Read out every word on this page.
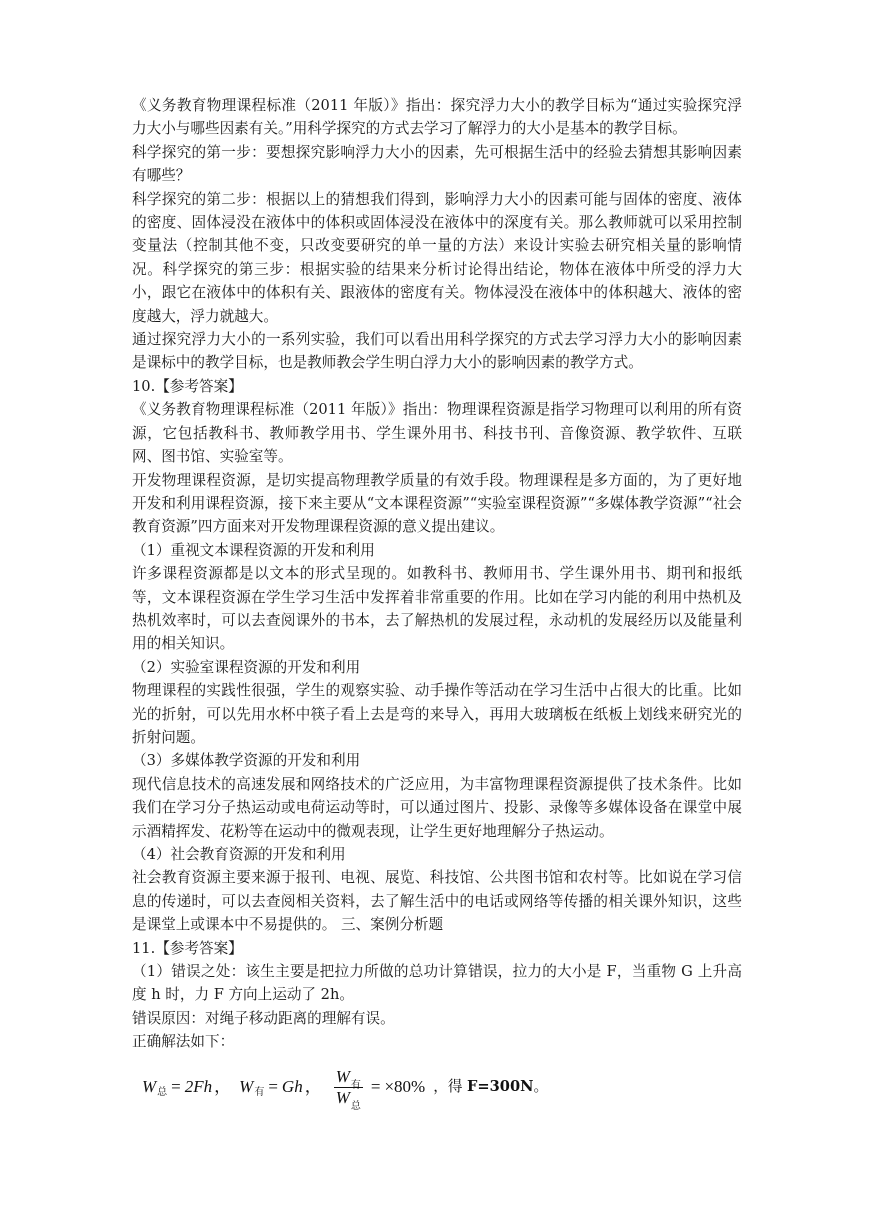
《义务教育物理课程标准（2011 年版）》指出：探究浮力大小的教学目标为“通过实验探究浮力大小与哪些因素有关。”用科学探究的方式去学习了解浮力的大小是基本的教学目标。

科学探究的第一步：要想探究影响浮力大小的因素，先可根据生活中的经验去猜想其影响因素有哪些？

科学探究的第二步：根据以上的猜想我们得到，影响浮力大小的因素可能与固体的密度、液体的密度、固体浸没在液体中的体积或固体浸没在液体中的深度有关。那么教师就可以采用控制变量法（控制其他不变，只改变要研究的单一量的方法）来设计实验去研究相关量的影响情况。科学探究的第三步：根据实验的结果来分析讨论得出结论，物体在液体中所受的浮力大小，跟它在液体中的体积有关、跟液体的密度有关。物体浸没在液体中的体积越大、液体的密度越大，浮力就越大。

通过探究浮力大小的一系列实验，我们可以看出用科学探究的方式去学习浮力大小的影响因素是课标中的教学目标，也是教师教会学生明白浮力大小的影响因素的教学方式。

10.【参考答案】

《义务教育物理课程标准（2011 年版）》指出：物理课程资源是指学习物理可以利用的所有资源，它包括教科书、教师教学用书、学生课外用书、科技书刊、音像资源、教学软件、互联网、图书馆、实验室等。

开发物理课程资源，是切实提高物理教学质量的有效手段。物理课程是多方面的，为了更好地开发和利用课程资源，接下来主要从“文本课程资源”“实验室课程资源”“多媒体教学资源”“社会教育资源”四方面来对开发物理课程资源的意义提出建议。

（1）重视文本课程资源的开发和利用

许多课程资源都是以文本的形式呈现的。如教科书、教师用书、学生课外用书、期刊和报纸等，文本课程资源在学生学习生活中发挥着非常重要的作用。比如在学习内能的利用中热机及热机效率时，可以去查阅课外的书本，去了解热机的发展过程，永动机的发展经历以及能量利用的相关知识。

（2）实验室课程资源的开发和利用

物理课程的实践性很强，学生的观察实验、动手操作等活动在学习生活中占很大的比重。比如光的折射，可以先用水杯中筷子看上去是弯的来导入，再用大玻璃板在纸板上划线来研究光的折射问题。

（3）多媒体教学资源的开发和利用

现代信息技术的高速发展和网络技术的广泛应用，为丰富物理课程资源提供了技术条件。比如我们在学习分子热运动或电荷运动等时，可以通过图片、投影、录像等多媒体设备在课堂中展示酒精挥发、花粉等在运动中的微观表现，让学生更好地理解分子热运动。

（4）社会教育资源的开发和利用

社会教育资源主要来源于报刊、电视、展览、科技馆、公共图书馆和农村等。比如说在学习信息的传递时，可以去查阅相关资料，去了解生活中的电话或网络等传播的相关课外知识，这些是课堂上或课本中不易提供的。 三、案例分析题

11.【参考答案】

（1）错误之处：该生主要是把拉力所做的总功计算错误，拉力的大小是 F，当重物 G 上升高度 h 时，力 F 方向上运动了 2h。

错误原因：对绳子移动距离的理解有误。

正确解法如下：

W 总 = 2Fh ， W 有 = Gh ， $\frac{W_有}{W_总} = \times 80\%$ ，得 F=300N。
